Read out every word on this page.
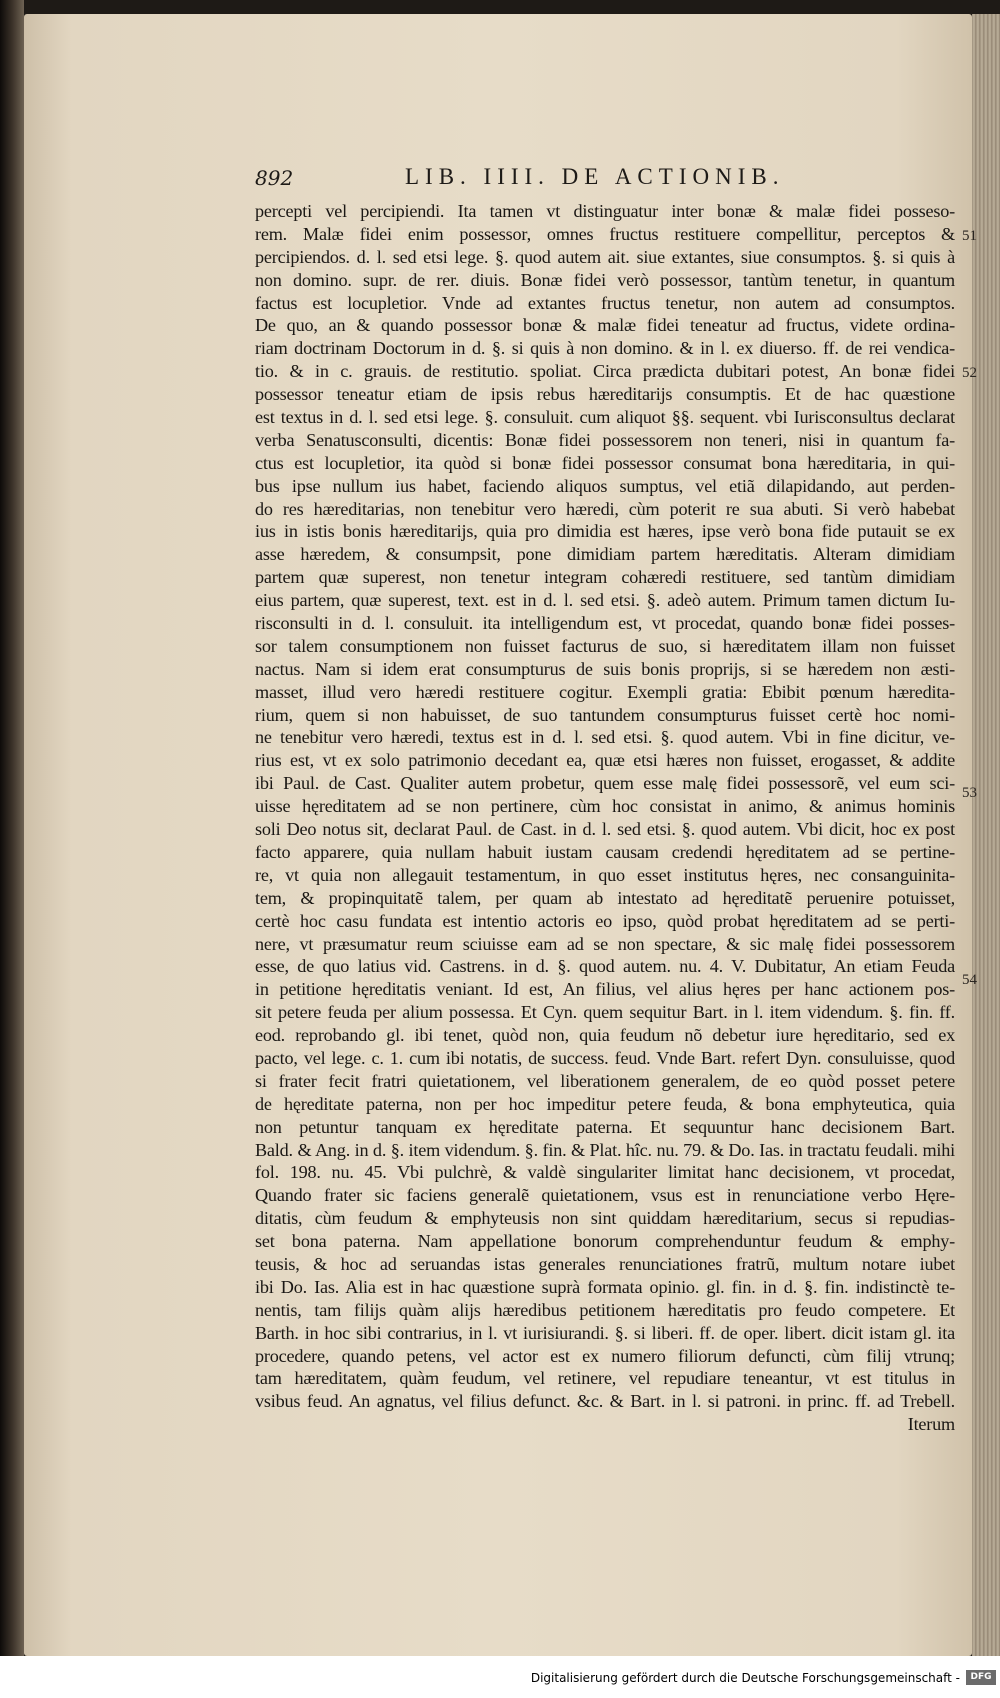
892	LIB. IIII. DE ACTIONIB.
51
52
53
54
percepti vel percipiendi. Ita tamen vt distinguatur inter bonæ & malæ fidei posseso-
rem. Malæ fidei enim possessor, omnes fructus restituere compellitur, perceptos &
percipiendos. d. l. sed etsi lege. §. quod autem ait. siue extantes, siue consumptos. §. si quis à
non domino. supr. de rer. diuis. Bonæ fidei verò possessor, tantùm tenetur, in quantum
factus est locupletior. Vnde ad extantes fructus tenetur, non autem ad consumptos.
De quo, an & quando possessor bonæ & malæ fidei teneatur ad fructus, videte ordina-
riam doctrinam Doctorum in d. §. si quis à non domino. & in l. ex diuerso. ff. de rei vendica-
tio. & in c. grauis. de restitutio. spoliat. Circa prædicta dubitari potest, An bonæ fidei
possessor teneatur etiam de ipsis rebus hæreditarijs consumptis. Et de hac quæstione
est textus in d. l. sed etsi lege. §. consuluit. cum aliquot §§. sequent. vbi Iurisconsultus declarat
verba Senatusconsulti, dicentis: Bonæ fidei possessorem non teneri, nisi in quantum fa-
ctus est locupletior, ita quòd si bonæ fidei possessor consumat bona hæreditaria, in qui-
bus ipse nullum ius habet, faciendo aliquos sumptus, vel etiã dilapidando, aut perden-
do res hæreditarias, non tenebitur vero hæredi, cùm poterit re sua abuti. Si verò habebat
ius in istis bonis hæreditarijs, quia pro dimidia est hæres, ipse verò bona fide putauit se ex
asse hæredem, & consumpsit, pone dimidiam partem hæreditatis. Alteram dimidiam
partem quæ superest, non tenetur integram cohæredi restituere, sed tantùm dimidiam
eius partem, quæ superest, text. est in d. l. sed etsi. §. adeò autem. Primum tamen dictum Iu-
risconsulti in d. l. consuluit. ita intelligendum est, vt procedat, quando bonæ fidei posses-
sor talem consumptionem non fuisset facturus de suo, si hæreditatem illam non fuisset
nactus. Nam si idem erat consumpturus de suis bonis proprijs, si se hæredem non æsti-
masset, illud vero hæredi restituere cogitur. Exempli gratia: Ebibit pœnum hæredita-
rium, quem si non habuisset, de suo tantundem consumpturus fuisset certè hoc nomi-
ne tenebitur vero hæredi, textus est in d. l. sed etsi. §. quod autem. Vbi in fine dicitur, ve-
rius est, vt ex solo patrimonio decedant ea, quæ etsi hæres non fuisset, erogasset, & addite
ibi Paul. de Cast. Qualiter autem probetur, quem esse malę fidei possessorẽ, vel eum sci-
uisse hęreditatem ad se non pertinere, cùm hoc consistat in animo, & animus hominis
soli Deo notus sit, declarat Paul. de Cast. in d. l. sed etsi. §. quod autem. Vbi dicit, hoc ex post
facto apparere, quia nullam habuit iustam causam credendi hęreditatem ad se pertine-
re, vt quia non allegauit testamentum, in quo esset institutus hęres, nec consanguinita-
tem, & propinquitatẽ talem, per quam ab intestato ad hęreditatẽ peruenire potuisset,
certè hoc casu fundata est intentio actoris eo ipso, quòd probat hęreditatem ad se perti-
nere, vt præsumatur reum sciuisse eam ad se non spectare, & sic malę fidei possessorem
esse, de quo latius vid. Castrens. in d. §. quod autem. nu. 4. V. Dubitatur, An etiam Feuda
in petitione hęreditatis veniant. Id est, An filius, vel alius hęres per hanc actionem pos-
sit petere feuda per alium possessa. Et Cyn. quem sequitur Bart. in l. item videndum. §. fin. ff.
eod. reprobando gl. ibi tenet, quòd non, quia feudum nõ debetur iure hęreditario, sed ex
pacto, vel lege. c. 1. cum ibi notatis, de success. feud. Vnde Bart. refert Dyn. consuluisse, quod
si frater fecit fratri quietationem, vel liberationem generalem, de eo quòd posset petere
de hęreditate paterna, non per hoc impeditur petere feuda, & bona emphyteutica, quia
non petuntur tanquam ex hęreditate paterna. Et sequuntur hanc decisionem Bart.
Bald. & Ang. in d. §. item videndum. §. fin. & Plat. hîc. nu. 79. & Do. Ias. in tractatu feudali. mihi
fol. 198. nu. 45. Vbi pulchrè, & valdè singulariter limitat hanc decisionem, vt procedat,
Quando frater sic faciens generalẽ quietationem, vsus est in renunciatione verbo Hęre-
ditatis, cùm feudum & emphyteusis non sint quiddam hæreditarium, secus si repudias-
set bona paterna. Nam appellatione bonorum comprehenduntur feudum & emphy-
teusis, & hoc ad seruandas istas generales renunciationes fratrũ, multum notare iubet
ibi Do. Ias. Alia est in hac quæstione suprà formata opinio. gl. fin. in d. §. fin. indistinctè te-
nentis, tam filijs quàm alijs hæredibus petitionem hæreditatis pro feudo competere. Et
Barth. in hoc sibi contrarius, in l. vt iurisiurandi. §. si liberi. ff. de oper. libert. dicit istam gl. ita
procedere, quando petens, vel actor est ex numero filiorum defuncti, cùm filij vtrunq;
tam hæreditatem, quàm feudum, vel retinere, vel repudiare teneantur, vt est titulus in
vsibus feud. An agnatus, vel filius defunct. &c. & Bart. in l. si patroni. in princ. ff. ad Trebell.
Iterum
Digitalisierung gefördert durch die Deutsche Forschungsgemeinschaft -	DFG
